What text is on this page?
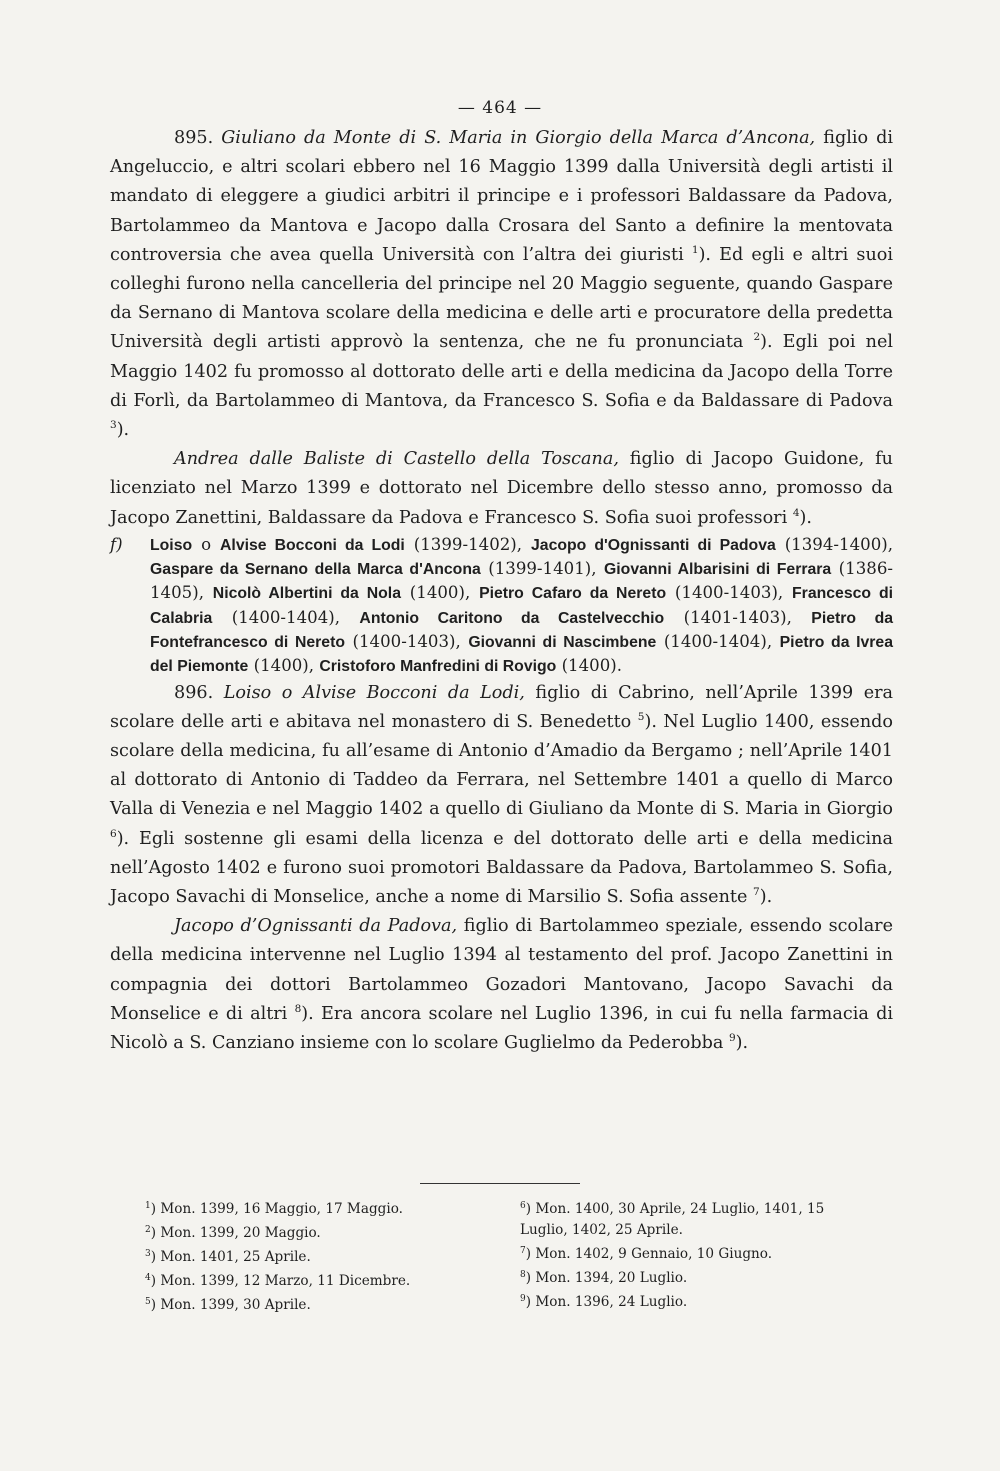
— 464 —

895. Giuliano da Monte di S. Maria in Giorgio della Marca d’Ancona, figlio di Angeluccio, e altri scolari ebbero nel 16 Maggio 1399 dalla Università degli artisti il mandato di eleggere a giudici arbitri il principe e i professori Baldassare da Padova, Bartolammeo da Mantova e Jacopo dalla Crosara del Santo a definire la mentovata controversia che avea quella Università con l’altra dei giuristi $^1$). Ed egli e altri suoi colleghi furono nella cancelleria del principe nel 20 Maggio seguente, quando Gaspare da Sernano di Mantova scolare della medicina e delle arti e procuratore della predetta Università degli artisti approvò la sentenza, che ne fu pronunciata $^2$). Egli poi nel Maggio 1402 fu promosso al dottorato delle arti e della medicina da Jacopo della Torre di Forlì, da Bartolammeo di Mantova, da Francesco S. Sofia e da Baldassare di Padova $^3$).

Andrea dalle Baliste di Castello della Toscana, figlio di Jacopo Guidone, fu licenziato nel Marzo 1399 e dottorato nel Dicembre dello stesso anno, promosso da Jacopo Zanettini, Baldassare da Padova e Francesco S. Sofia suoi professori $^4$).

f) Loiso o Alvise Bocconi da Lodi (1399-1402), Jacopo d'Ognissanti di Padova (1394-1400), Gaspare da Sernano della Marca d'Ancona (1399-1401), Giovanni Albarisini di Ferrara (1386-1405), Nicolò Albertini da Nola (1400), Pietro Cafaro da Nereto (1400-1403), Francesco di Calabria (1400-1404), Antonio Caritono da Castelvecchio (1401-1403), Pietro da Fontefrancesco di Nereto (1400-1403), Giovanni di Nascimbene (1400-1404), Pietro da Ivrea del Piemonte (1400), Cristoforo Manfredini di Rovigo (1400).

896. Loiso o Alvise Bocconi da Lodi, figlio di Cabrino, nell’Aprile 1399 era scolare delle arti e abitava nel monastero di S. Benedetto $^5$). Nel Luglio 1400, essendo scolare della medicina, fu all’esame di Antonio d’Amadio da Bergamo ; nell’Aprile 1401 al dottorato di Antonio di Taddeo da Ferrara, nel Settembre 1401 a quello di Marco Valla di Venezia e nel Maggio 1402 a quello di Giuliano da Monte di S. Maria in Giorgio $^6$). Egli sostenne gli esami della licenza e del dottorato delle arti e della medicina nell’Agosto 1402 e furono suoi promotori Baldassare da Padova, Bartolammeo S. Sofia, Jacopo Savachi di Monselice, anche a nome di Marsilio S. Sofia assente $^7$).

Jacopo d’Ognissanti da Padova, figlio di Bartolammeo speziale, essendo scolare della medicina intervenne nel Luglio 1394 al testamento del prof. Jacopo Zanettini in compagnia dei dottori Bartolammeo Gozadori Mantovano, Jacopo Savachi da Monselice e di altri $^8$). Era ancora scolare nel Luglio 1396, in cui fu nella farmacia di Nicolò a S. Canziano insieme con lo scolare Guglielmo da Pederobba $^9$).

$^1$) Mon. 1399, 16 Maggio, 17 Maggio.
$^2$) Mon. 1399, 20 Maggio.
$^3$) Mon. 1401, 25 Aprile.
$^4$) Mon. 1399, 12 Marzo, 11 Dicembre.
$^5$) Mon. 1399, 30 Aprile.
$^6$) Mon. 1400, 30 Aprile, 24 Luglio, 1401, 15
Luglio, 1402, 25 Aprile.
$^7$) Mon. 1402, 9 Gennaio, 10 Giugno.
$^8$) Mon. 1394, 20 Luglio.
$^9$) Mon. 1396, 24 Luglio.
